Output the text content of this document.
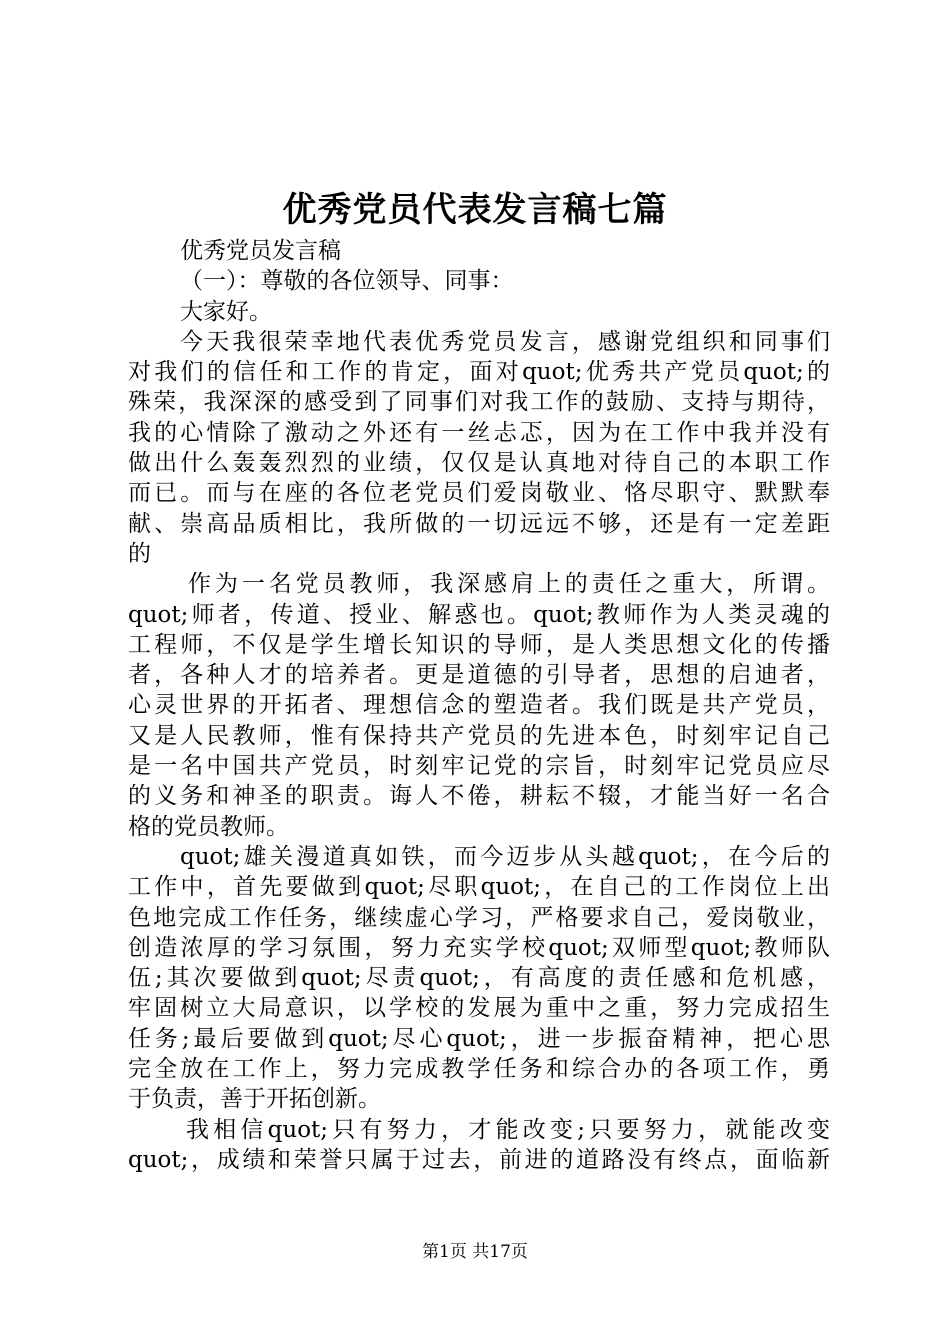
优秀党员代表发言稿七篇
优秀党员发言稿
（一）：尊敬的各位领导、同事：
大家好。
今天我很荣幸地代表优秀党员发言，感谢党组织和同事们
对我们的信任和工作的肯定，面对quot;优秀共产党员quot;的
殊荣，我深深的感受到了同事们对我工作的鼓励、支持与期待，
我的心情除了激动之外还有一丝忐忑，因为在工作中我并没有
做出什么轰轰烈烈的业绩，仅仅是认真地对待自己的本职工作
而已。而与在座的各位老党员们爱岗敬业、恪尽职守、默默奉
献、崇高品质相比，我所做的一切远远不够，还是有一定差距
的
作为一名党员教师，我深感肩上的责任之重大，所谓。
quot;师者，传道、授业、解惑也。quot;教师作为人类灵魂的
工程师，不仅是学生增长知识的导师，是人类思想文化的传播
者，各种人才的培养者。更是道德的引导者，思想的启迪者，
心灵世界的开拓者、理想信念的塑造者。我们既是共产党员，
又是人民教师，惟有保持共产党员的先进本色，时刻牢记自己
是一名中国共产党员，时刻牢记党的宗旨，时刻牢记党员应尽
的义务和神圣的职责。诲人不倦，耕耘不辍，才能当好一名合
格的党员教师。
quot;雄关漫道真如铁，而今迈步从头越quot;，在今后的
工作中，首先要做到quot;尽职quot;，在自己的工作岗位上出
色地完成工作任务，继续虚心学习，严格要求自己，爱岗敬业，
创造浓厚的学习氛围，努力充实学校quot;双师型quot;教师队
伍;其次要做到quot;尽责quot;，有高度的责任感和危机感，
牢固树立大局意识，以学校的发展为重中之重，努力完成招生
任务;最后要做到quot;尽心quot;，进一步振奋精神，把心思
完全放在工作上，努力完成教学任务和综合办的各项工作，勇
于负责，善于开拓创新。
我相信quot;只有努力，才能改变;只要努力，就能改变
quot;，成绩和荣誉只属于过去，前进的道路没有终点，面临新
第1页 共17页
